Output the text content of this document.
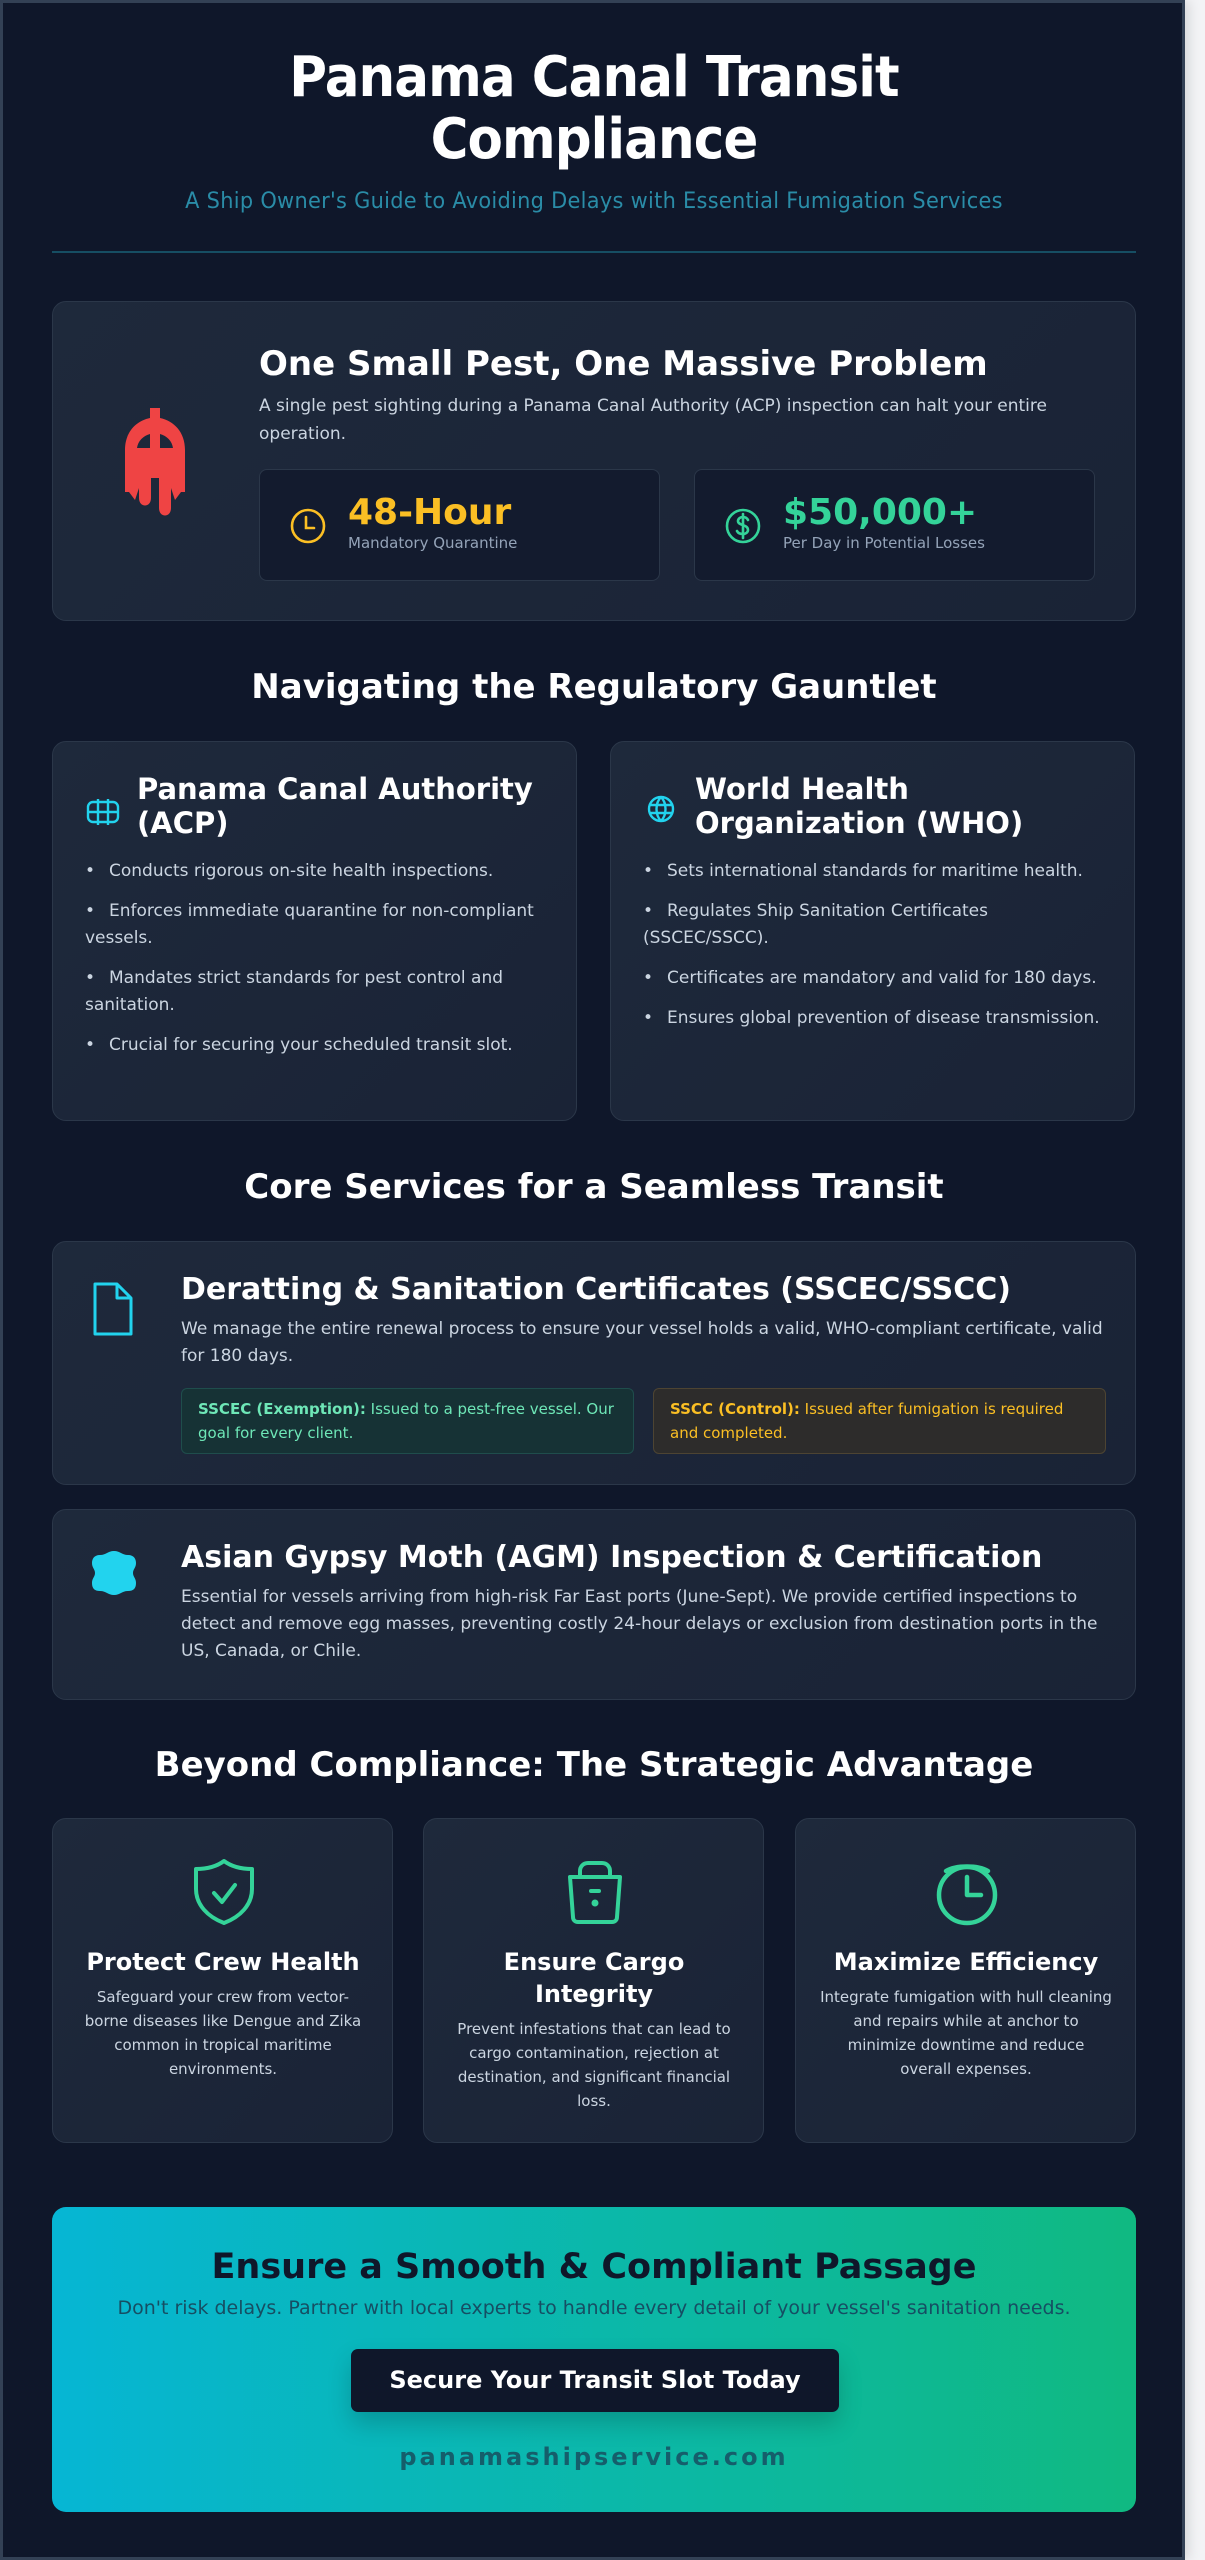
Panama Canal Transit
Compliance
A Ship Owner's Guide to Avoiding Delays with Essential Fumigation Services
One Small Pest, One Massive Problem

A single pest sighting during a Panama Canal Authority (ACP) inspection can halt your entire operation.

48-Hour
Mandatory Quarantine
$50,000+
Per Day in Potential Losses
Navigating the Regulatory Gauntlet
Panama Canal Authority (ACP)
• Conducts rigorous on-site health inspections.
• Enforces immediate quarantine for non-compliant vessels.
• Mandates strict standards for pest control and sanitation.
• Crucial for securing your scheduled transit slot.
World Health Organization (WHO)
• Sets international standards for maritime health.
• Regulates Ship Sanitation Certificates (SSCEC/SSCC).
• Certificates are mandatory and valid for 180 days.
• Ensures global prevention of disease transmission.
Core Services for a Seamless Transit
Deratting & Sanitation Certificates (SSCEC/SSCC)

We manage the entire renewal process to ensure your vessel holds a valid, WHO-compliant certificate, valid for 180 days.

SSCEC (Exemption): Issued to a pest-free vessel. Our goal for every client.
SSCC (Control): Issued after fumigation is required and completed.
Asian Gypsy Moth (AGM) Inspection & Certification

Essential for vessels arriving from high-risk Far East ports (June-Sept). We provide certified inspections to detect and remove egg masses, preventing costly 24-hour delays or exclusion from destination ports in the US, Canada, or Chile.

Beyond Compliance: The Strategic Advantage
Protect Crew Health

Safeguard your crew from vector-borne diseases like Dengue and Zika common in tropical maritime environments.

Ensure Cargo Integrity

Prevent infestations that can lead to cargo contamination, rejection at destination, and significant financial loss.

Maximize Efficiency

Integrate fumigation with hull cleaning and repairs while at anchor to minimize downtime and reduce overall expenses.

Ensure a Smooth & Compliant Passage

Don't risk delays. Partner with local experts to handle every detail of your vessel's sanitation needs.

Secure Your Transit Slot Today
panamashipservice.com
